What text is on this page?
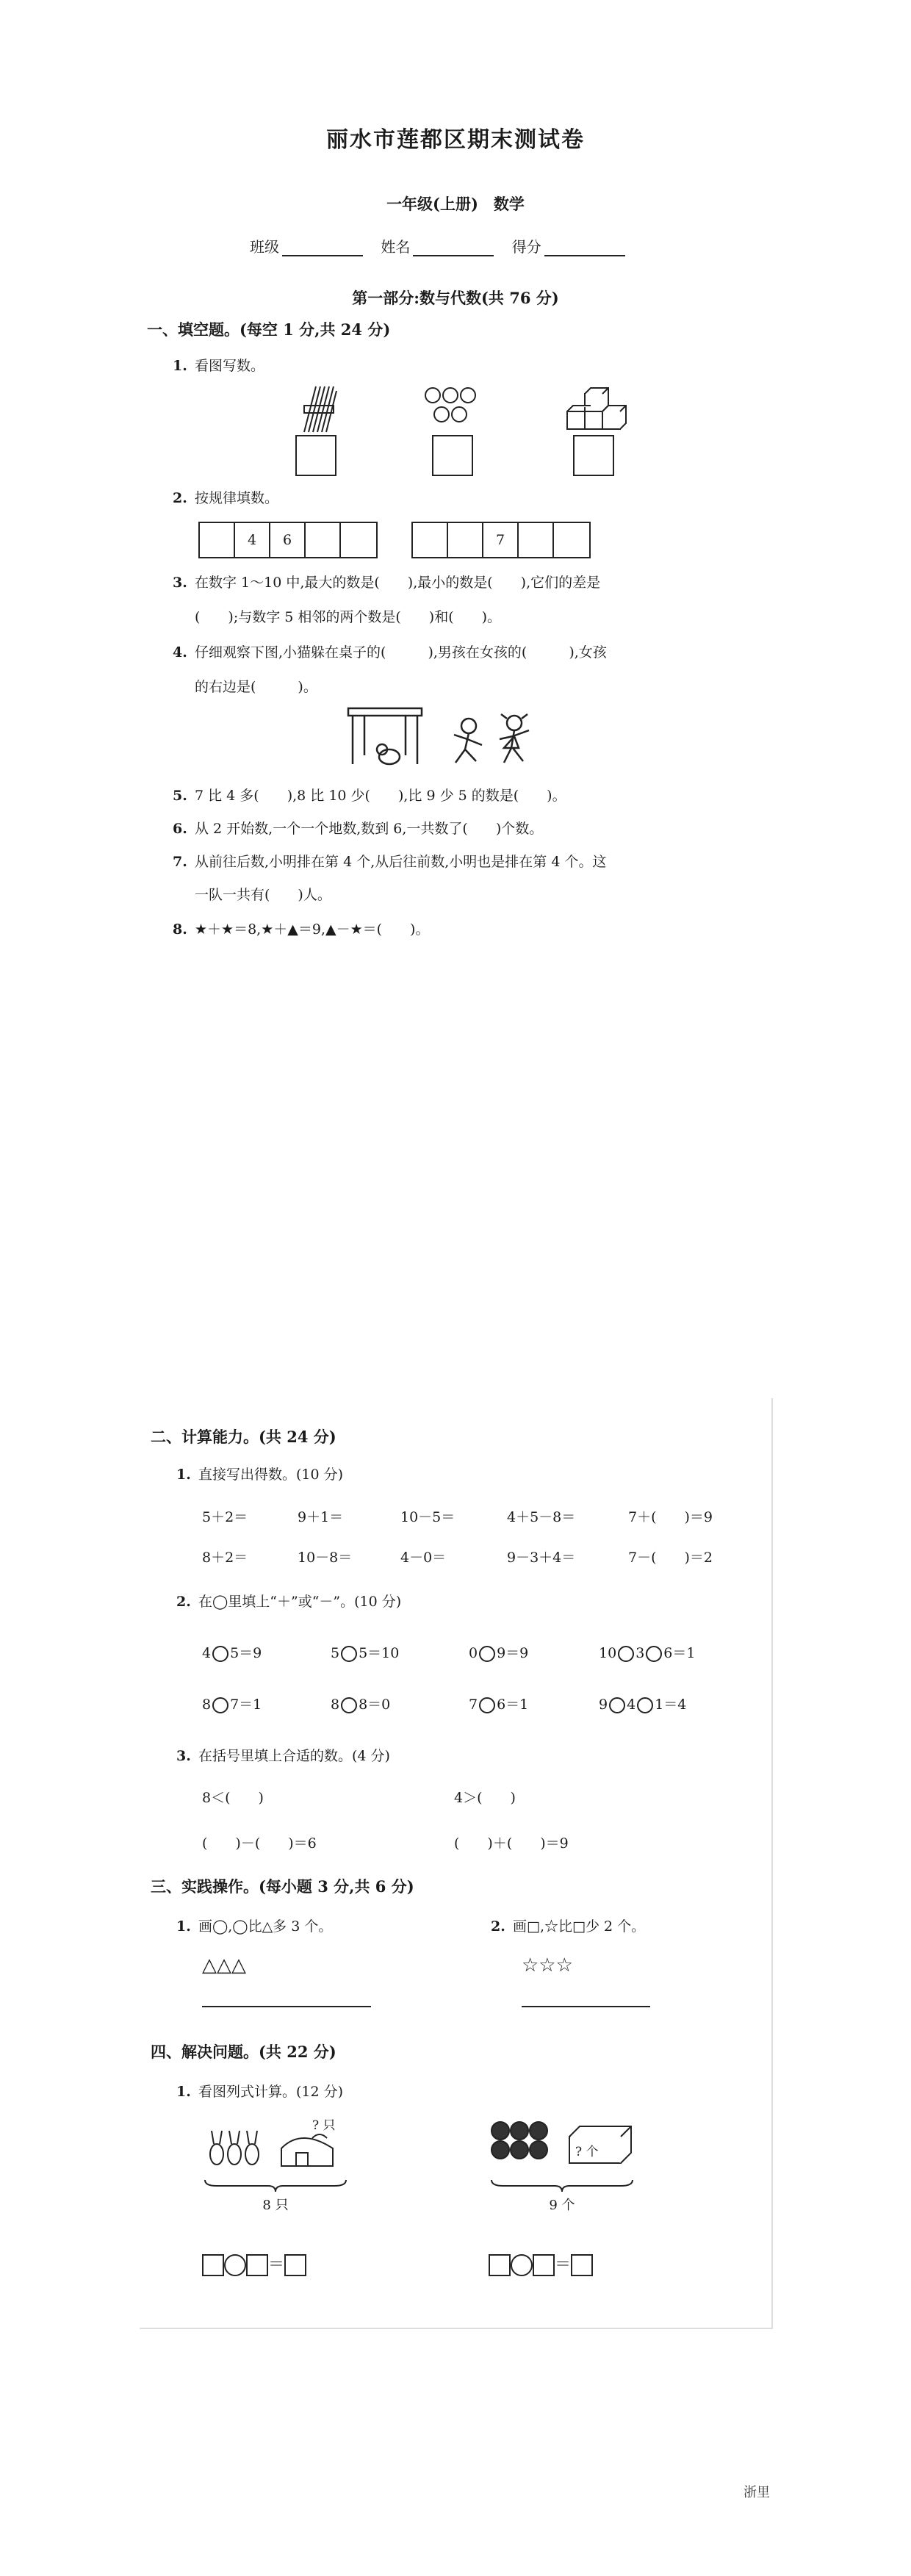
丽水市莲都区期末测试卷
一年级(上册)　数学
班级	姓名	得分
第一部分:数与代数(共 76 分)
一、填空题。(每空 1 分,共 24 分)
1. 看图写数。
2. 按规律填数。
4	6	7
3. 在数字 1～10 中,最大的数是(　　),最小的数是(　　),它们的差是
(　　);与数字 5 相邻的两个数是(　　)和(　　)。
4. 仔细观察下图,小猫躲在桌子的(　　　),男孩在女孩的(　　　),女孩
的右边是(　　　)。
5. 7 比 4 多(　　),8 比 10 少(　　),比 9 少 5 的数是(　　)。
6. 从 2 开始数,一个一个地数,数到 6,一共数了(　　)个数。
7. 从前往后数,小明排在第 4 个,从后往前数,小明也是排在第 4 个。这
一队一共有(　　)人。
8. ★＋★＝8,★＋▲＝9,▲－★＝(　　)。
二、计算能力。(共 24 分)
1. 直接写出得数。(10 分)
5＋2＝	9＋1＝	10－5＝	4＋5－8＝	7＋(　　)＝9
8＋2＝	10－8＝	4－0＝	9－3＋4＝	7－(　　)＝2
2. 在◯里填上“＋”或“－”。(10 分)
4 5＝9	5 5＝10	0 9＝9	10 3 6＝1
8 7＝1	8 8＝0	7 6＝1	9 4 1＝4
3. 在括号里填上合适的数。(4 分)
8＜(　　)	4＞(　　)
(　　)－(　　)＝6	(　　)＋(　　)＝9
三、实践操作。(每小题 3 分,共 6 分)
1. 画◯,◯比△多 3 个。	2. 画□,☆比□少 2 个。
△△△	☆☆☆
四、解决问题。(共 22 分)
1. 看图列式计算。(12 分)
? 只
8 只
? 个
9 个
＝	＝
浙里
